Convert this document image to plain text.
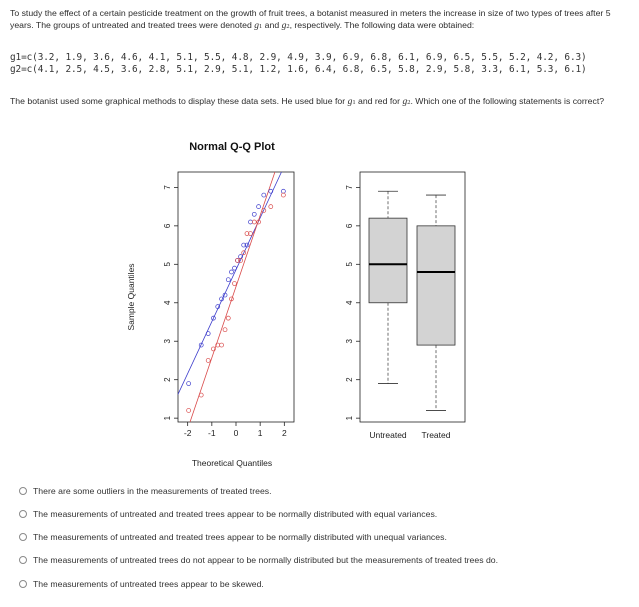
To study the effect of a certain pesticide treatment on the growth of fruit trees, a botanist measured in meters the increase in size of two types of trees after 5 years. The groups of untreated and treated trees were denoted g1 and g2, respectively. The following data were obtained:

g1=c(3.2, 1.9, 3.6, 4.6, 4.1, 5.1, 5.5, 4.8, 2.9, 4.9, 3.9, 6.9, 6.8, 6.1, 6.9, 6.5, 5.5, 5.2, 4.2, 6.3)
g2=c(4.1, 2.5, 4.5, 3.6, 2.8, 5.1, 2.9, 5.1, 1.2, 1.6, 6.4, 6.8, 6.5, 5.8, 2.9, 5.8, 3.3, 6.1, 5.3, 6.1)

The botanist used some graphical methods to display these data sets. He used blue for g1 and red for g2. Which one of the following statements is correct?

Normal Q-Q Plot
1
2
3
4
5
6
7
-2 -1 0 1 2
Sample Quantiles
Theoretical Quantiles
1
2
3
4
5
6
7
Untreated Treated
There are some outliers in the measurements of treated trees.
The measurements of untreated and treated trees appear to be normally distributed with equal variances.
The measurements of untreated and treated trees appear to be normally distributed with unequal variances.
The measurements of untreated trees do not appear to be normally distributed but the measurements of treated trees do.
The measurements of untreated trees appear to be skewed.
